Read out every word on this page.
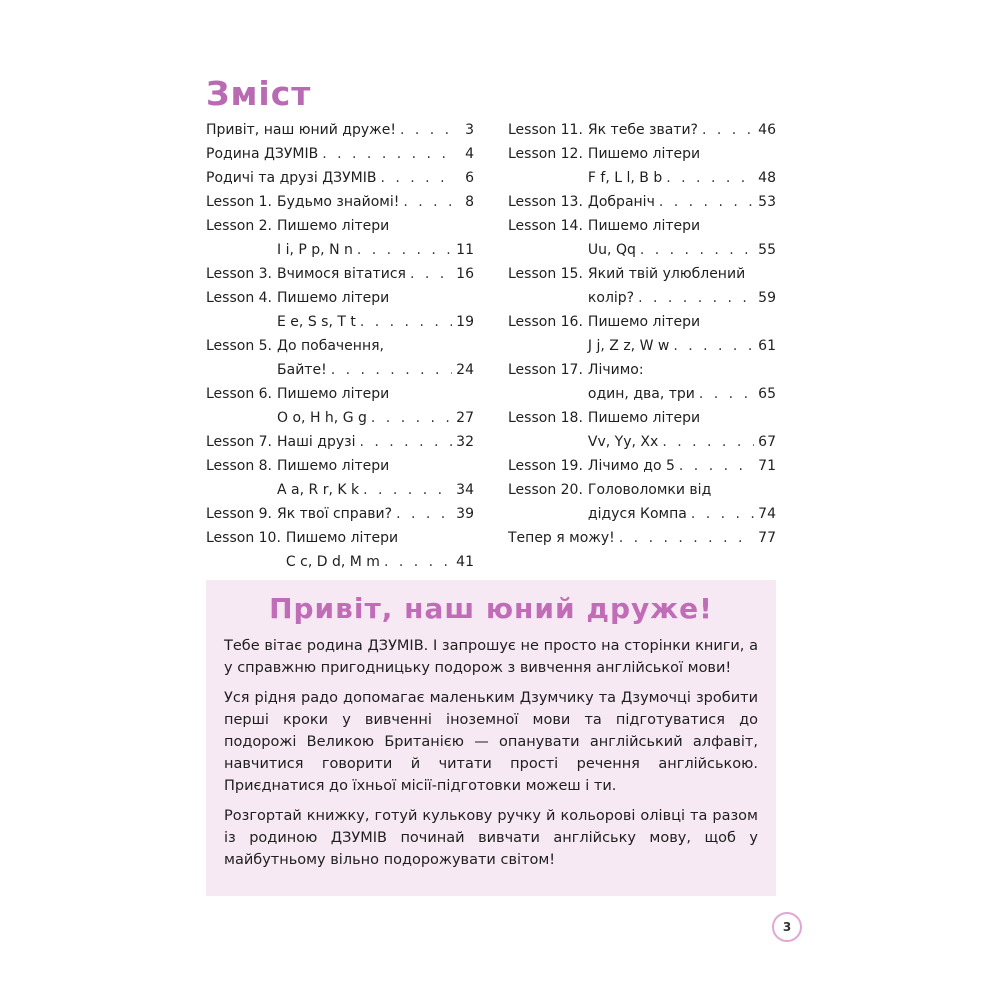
Зміст
Привіт, наш юний друже! . . .	3
Родина ДЗУМІВ . . .	4
Родичі та друзі ДЗУМІВ . . .	6
Lesson 1. Будьмо знайомі! . . .	8
Lesson 2. Пишемо літери
I i, P p, N n . . .	11
Lesson 3. Вчимося вітатися . . .	16
Lesson 4. Пишемо літери
E e, S s, T t . . .	19
Lesson 5. До побачення,
Байте! . . .	24
Lesson 6. Пишемо літери
O o, H h, G g . . .	27
Lesson 7. Наші друзі . . .	32
Lesson 8. Пишемо літери
A a, R r, K k . . .	34
Lesson 9. Як твої справи? . . .	39
Lesson 10. Пишемо літери
C c, D d, M m . . .	41
Lesson 11. Як тебе звати? . . .	46
Lesson 12. Пишемо літери
F f, L l, B b . . .	48
Lesson 13. Добраніч . . .	53
Lesson 14. Пишемо літери
Uu, Qq . . .	55
Lesson 15. Який твій улюблений
колір? . . .	59
Lesson 16. Пишемо літери
J j, Z z, W w . . .	61
Lesson 17. Лічимо:
один, два, три . . .	65
Lesson 18. Пишемо літери
Vv, Yy, Xx . . .	67
Lesson 19. Лічимо до 5 . . .	71
Lesson 20. Головоломки від
дідуся Компа . . .	74
Тепер я можу! . . .	77
Привіт, наш юний друже!

Тебе вітає родина ДЗУМІВ. І запрошує не просто на сторінки книги, а у справжню пригодницьку подорож з вивчення англійської мови!

Уся рідня радо допомагає маленьким Дзумчику та Дзумочці зробити перші кроки у вивченні іноземної мови та підготуватися до подорожі Великою Британією — опанувати англійський алфавіт, навчитися говорити й читати прості речення англійською. Приєднатися до їхньої місії-підготовки можеш і ти.

Розгортай книжку, готуй кулькову ручку й кольорові олівці та разом із родиною ДЗУМІВ починай вивчати англійську мову, щоб у майбутньому вільно подорожувати світом!

3
